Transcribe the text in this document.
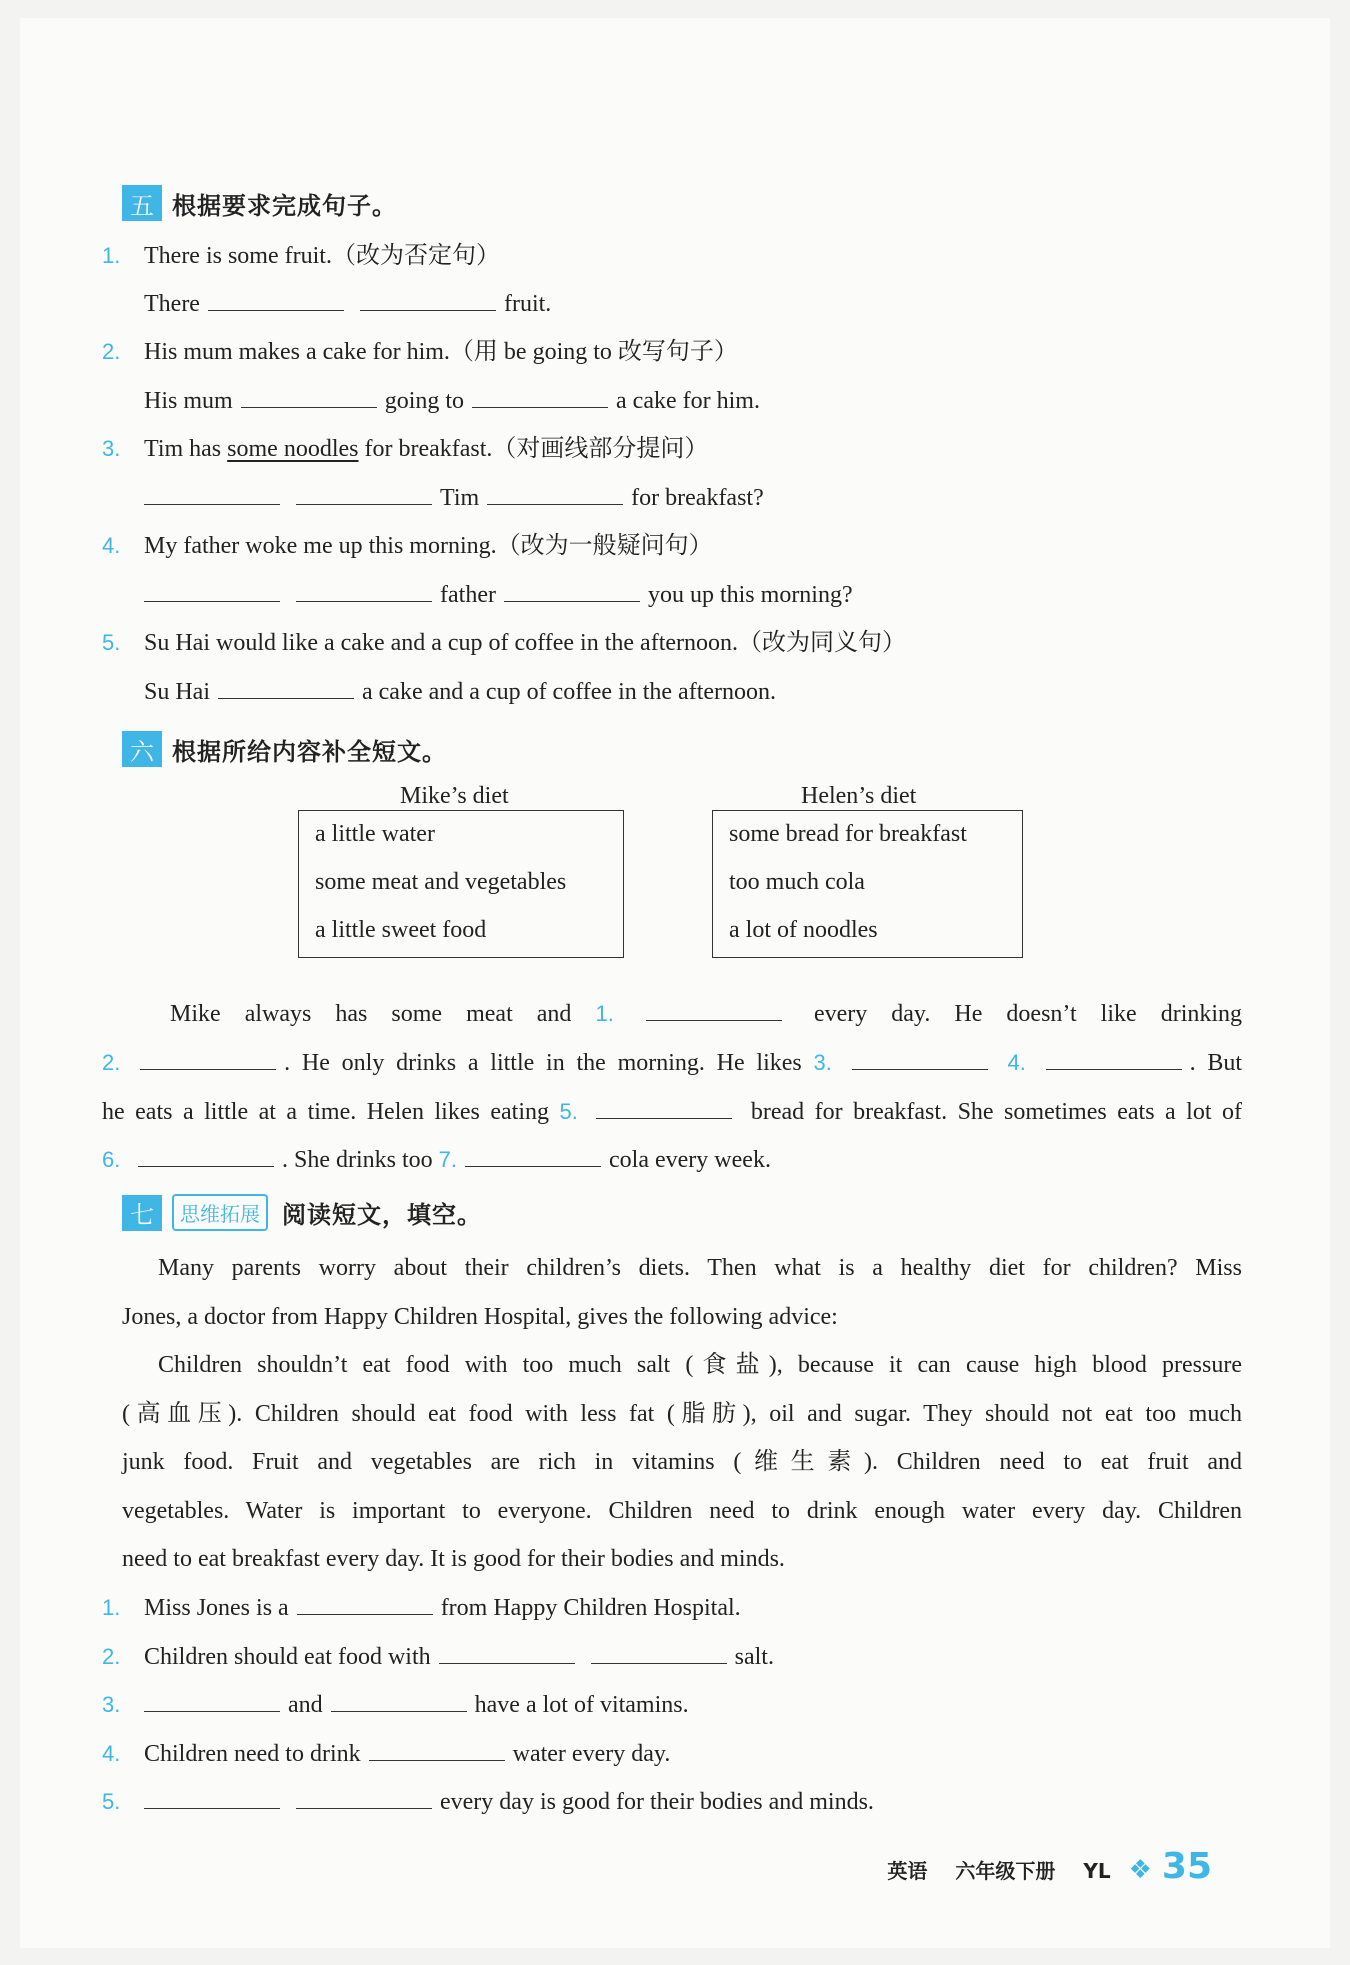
五 根据要求完成句子。
1. There is some fruit.（改为否定句）
There	fruit.
2. His mum makes a cake for him.（用 be going to 改写句子）
His mum	going to	a cake for him.
3. Tim has some noodles for breakfast.（对画线部分提问）
Tim	for breakfast?
4. My father woke me up this morning.（改为一般疑问句）
father	you up this morning?
5. Su Hai would like a cake and a cup of coffee in the afternoon.（改为同义句）
Su Hai	a cake and a cup of coffee in the afternoon.
六 根据所给内容补全短文。
Mike’s diet
a little water
some meat and vegetables
a little sweet food
Helen’s diet
some bread for breakfast
too much cola
a lot of noodles
Mike always has some meat and 1.	every day. He doesn’t like drinking
2.	. He only drinks a little in the morning. He likes 3.	4.	. But
he eats a little at a time. Helen likes eating 5.	bread for breakfast. She sometimes eats a lot of
6.	. She drinks too 7.	cola every week.
七	思维拓展 阅读短文，填空。
Many parents worry about their children’s diets. Then what is a healthy diet for children? Miss
Jones, a doctor from Happy Children Hospital, gives the following advice:
Children shouldn’t eat food with too much salt (食盐), because it can cause high blood pressure
(高血压). Children should eat food with less fat (脂肪), oil and sugar. They should not eat too much
junk food. Fruit and vegetables are rich in vitamins (维生素). Children need to eat fruit and
vegetables. Water is important to everyone. Children need to drink enough water every day. Children
need to eat breakfast every day. It is good for their bodies and minds.
1. Miss Jones is a	from Happy Children Hospital.
2. Children should eat food with	salt.
3.	and	have a lot of vitamins.
4. Children need to drink	water every day.
5.	every day is good for their bodies and minds.
英语 六年级下册 YL ❖ 35
